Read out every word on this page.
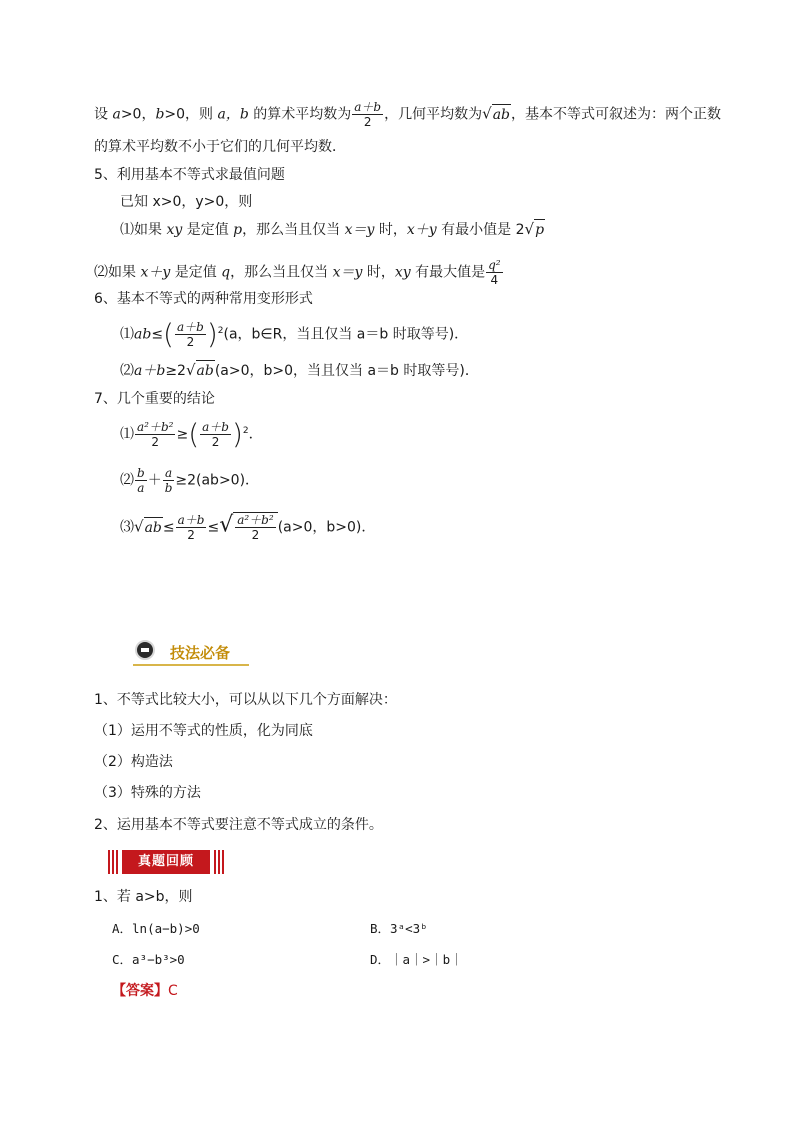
设 a>0，b>0，则 a，b 的算术平均数为 $\frac{a+b}{2}$ ，几何平均数为√ab，基本不等式可叙述为：两个正数
的算术平均数不小于它们的几何平均数．
5、利用基本不等式求最值问题
已知 x>0，y>0，则
⑴如果 xy 是定值 p，那么当且仅当 x＝y 时，x＋y 有最小值是 2√p
⑵如果 x＋y 是定值 q，那么当且仅当 x＝y 时，xy 有最大值是 $\frac{\text{q²}}{4}$
6、基本不等式的两种常用变形形式
⑴ab≤( $\frac{a+b}{2} )^2(a$，b∈R，当且仅当 a＝b 时取等号)．
⑵a＋b≥2√ab(a>0，b>0，当且仅当 a＝b 时取等号)．
7、几个重要的结论
⑴ $\frac{\text{a²＋b²}}{2}$ ≥( $\frac{a+b}{2} )^2$．
⑵ $\frac{b}{a} + \frac{a}{b} \ge 2(ab>0)$．
⑶√ab≤ $\frac{a+b}{2}$ ≤√ $\frac{\text{a²＋b²}}{2} (a>0$，b>0)．
技法必备
1、不等式比较大小，可以从以下几个方面解决：
（1）运用不等式的性质，化为同底
（2）构造法
（3）特殊的方法
2、运用基本不等式要注意不等式成立的条件。
真题回顾
1、若 a>b，则
A．ln(a−b)>0	B．3ᵃ<3ᵇ
C．a³−b³>0	D．｜a｜>｜b｜
【答案】C
